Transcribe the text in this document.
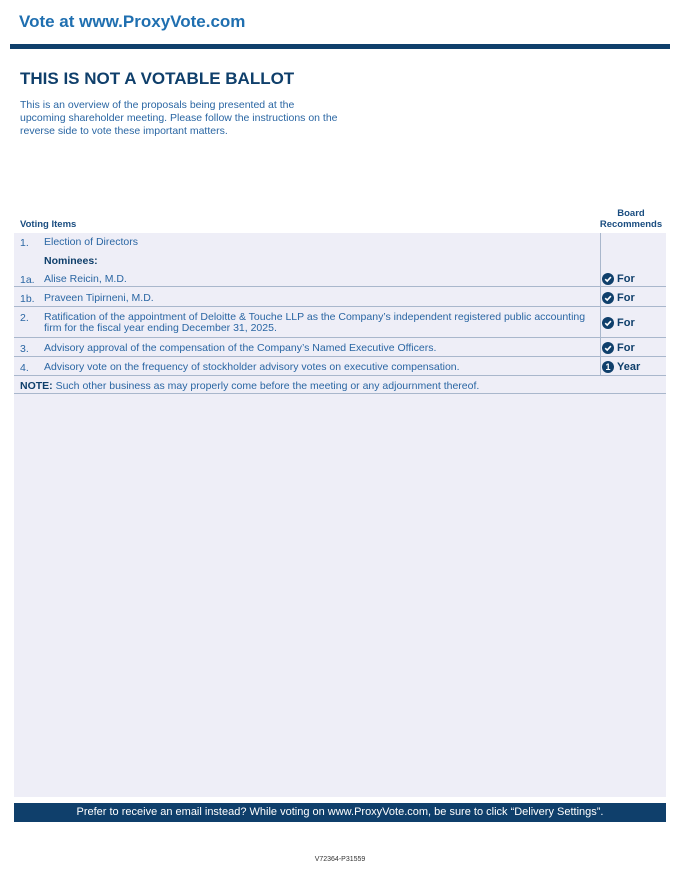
Vote at www.ProxyVote.com
THIS IS NOT A VOTABLE BALLOT
This is an overview of the proposals being presented at the upcoming shareholder meeting. Please follow the instructions on the reverse side to vote these important matters.
Voting Items
Board
Recommends
1. Election of Directors
Nominees:
1a. Alise Reicin, M.D.	For
1b. Praveen Tipirneni, M.D.	For
2. Ratification of the appointment of Deloitte & Touche LLP as the Company’s independent registered public accounting firm for the fiscal year ending December 31, 2025.	For
3. Advisory approval of the compensation of the Company’s Named Executive Officers.	For
4. Advisory vote on the frequency of stockholder advisory votes on executive compensation.	1 Year
NOTE: Such other business as may properly come before the meeting or any adjournment thereof.
Prefer to receive an email instead? While voting on www.ProxyVote.com, be sure to click “Delivery Settings”.
V72364-P31559
